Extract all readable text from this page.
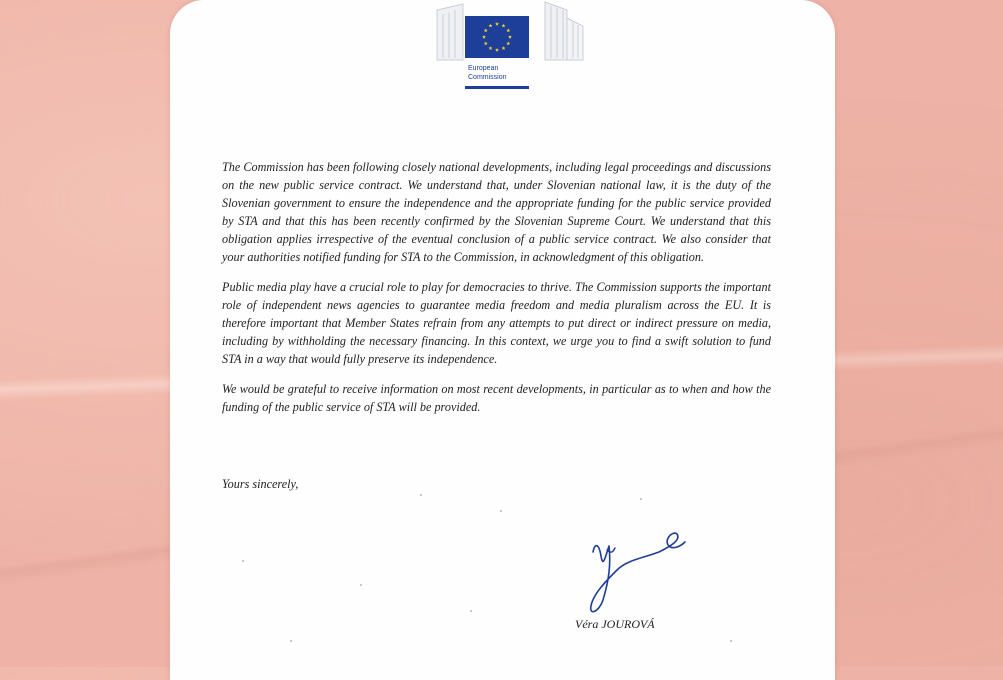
European
Commission

The Commission has been following closely national developments, including legal proceedings and discussions on the new public service contract. We understand that, under Slovenian national law, it is the duty of the Slovenian government to ensure the independence and the appropriate funding for the public service provided by STA and that this has been recently confirmed by the Slovenian Supreme Court. We understand that this obligation applies irrespective of the eventual conclusion of a public service contract. We also consider that your authorities notified funding for STA to the Commission, in acknowledgment of this obligation.

Public media play have a crucial role to play for democracies to thrive. The Commission supports the important role of independent news agencies to guarantee media freedom and media pluralism across the EU. It is therefore important that Member States refrain from any attempts to put direct or indirect pressure on media, including by withholding the necessary financing. In this context, we urge you to find a swift solution to fund STA in a way that would fully preserve its independence.

We would be grateful to receive information on most recent developments, in particular as to when and how the funding of the public service of STA will be provided.

Yours sincerely,
Véra JOUROVÁ
